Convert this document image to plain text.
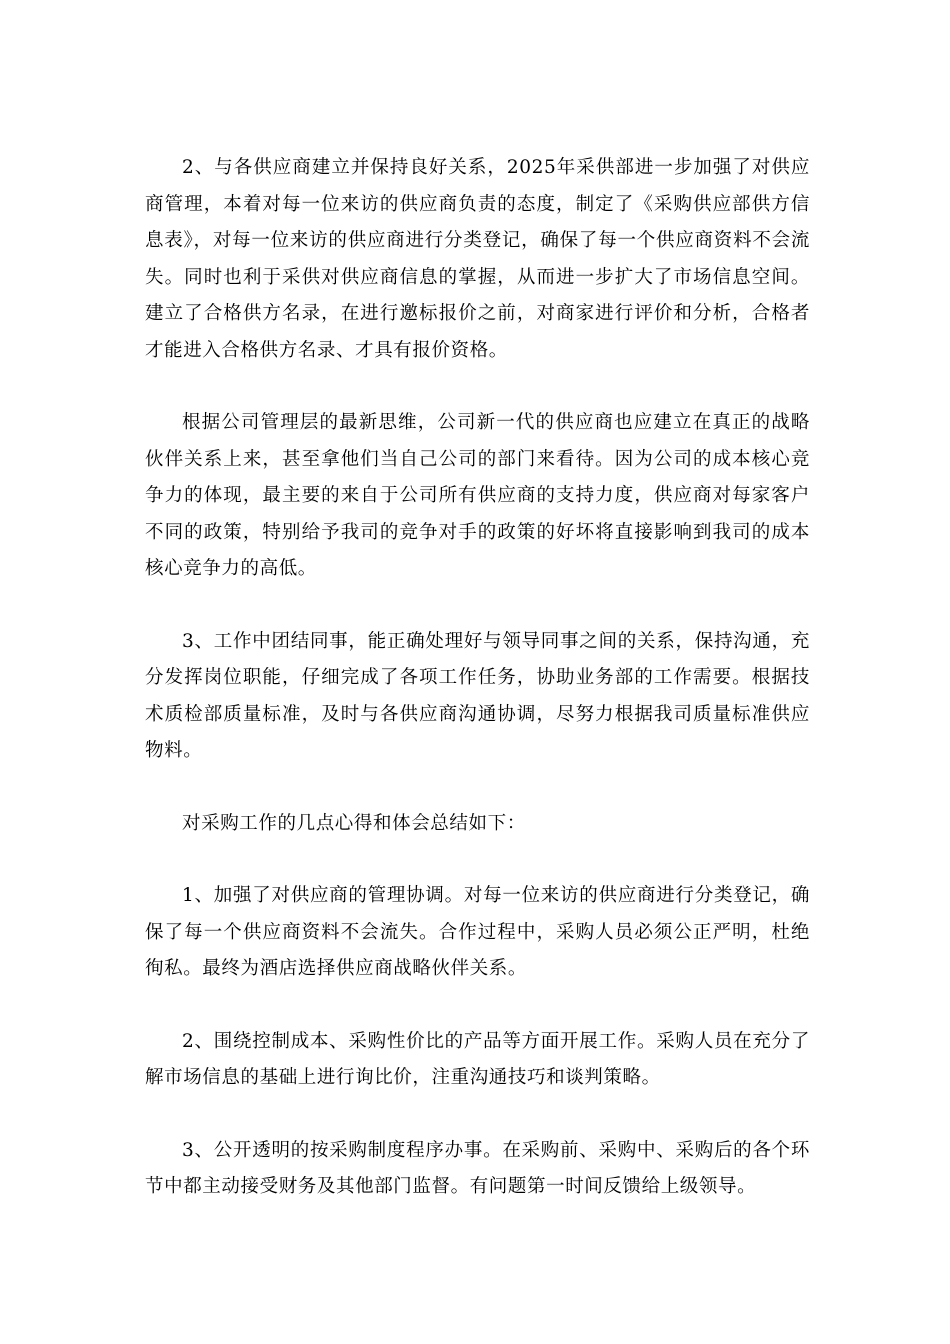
2、与各供应商建立并保持良好关系，2025年采供部进一步加强了对供应商管理，本着对每一位来访的供应商负责的态度，制定了《采购供应部供方信息表》，对每一位来访的供应商进行分类登记，确保了每一个供应商资料不会流失。同时也利于采供对供应商信息的掌握，从而进一步扩大了市场信息空间。建立了合格供方名录，在进行邀标报价之前，对商家进行评价和分析，合格者才能进入合格供方名录、才具有报价资格。

根据公司管理层的最新思维，公司新一代的供应商也应建立在真正的战略伙伴关系上来，甚至拿他们当自己公司的部门来看待。因为公司的成本核心竞争力的体现，最主要的来自于公司所有供应商的支持力度，供应商对每家客户不同的政策，特别给予我司的竞争对手的政策的好坏将直接影响到我司的成本核心竞争力的高低。

3、工作中团结同事，能正确处理好与领导同事之间的关系，保持沟通，充分发挥岗位职能，仔细完成了各项工作任务，协助业务部的工作需要。根据技术质检部质量标准，及时与各供应商沟通协调，尽努力根据我司质量标准供应物料。

对采购工作的几点心得和体会总结如下：

1、加强了对供应商的管理协调。对每一位来访的供应商进行分类登记，确保了每一个供应商资料不会流失。合作过程中，采购人员必须公正严明，杜绝徇私。最终为酒店选择供应商战略伙伴关系。

2、围绕控制成本、采购性价比的产品等方面开展工作。采购人员在充分了解市场信息的基础上进行询比价，注重沟通技巧和谈判策略。

3、公开透明的按采购制度程序办事。在采购前、采购中、采购后的各个环节中都主动接受财务及其他部门监督。有问题第一时间反馈给上级领导。
